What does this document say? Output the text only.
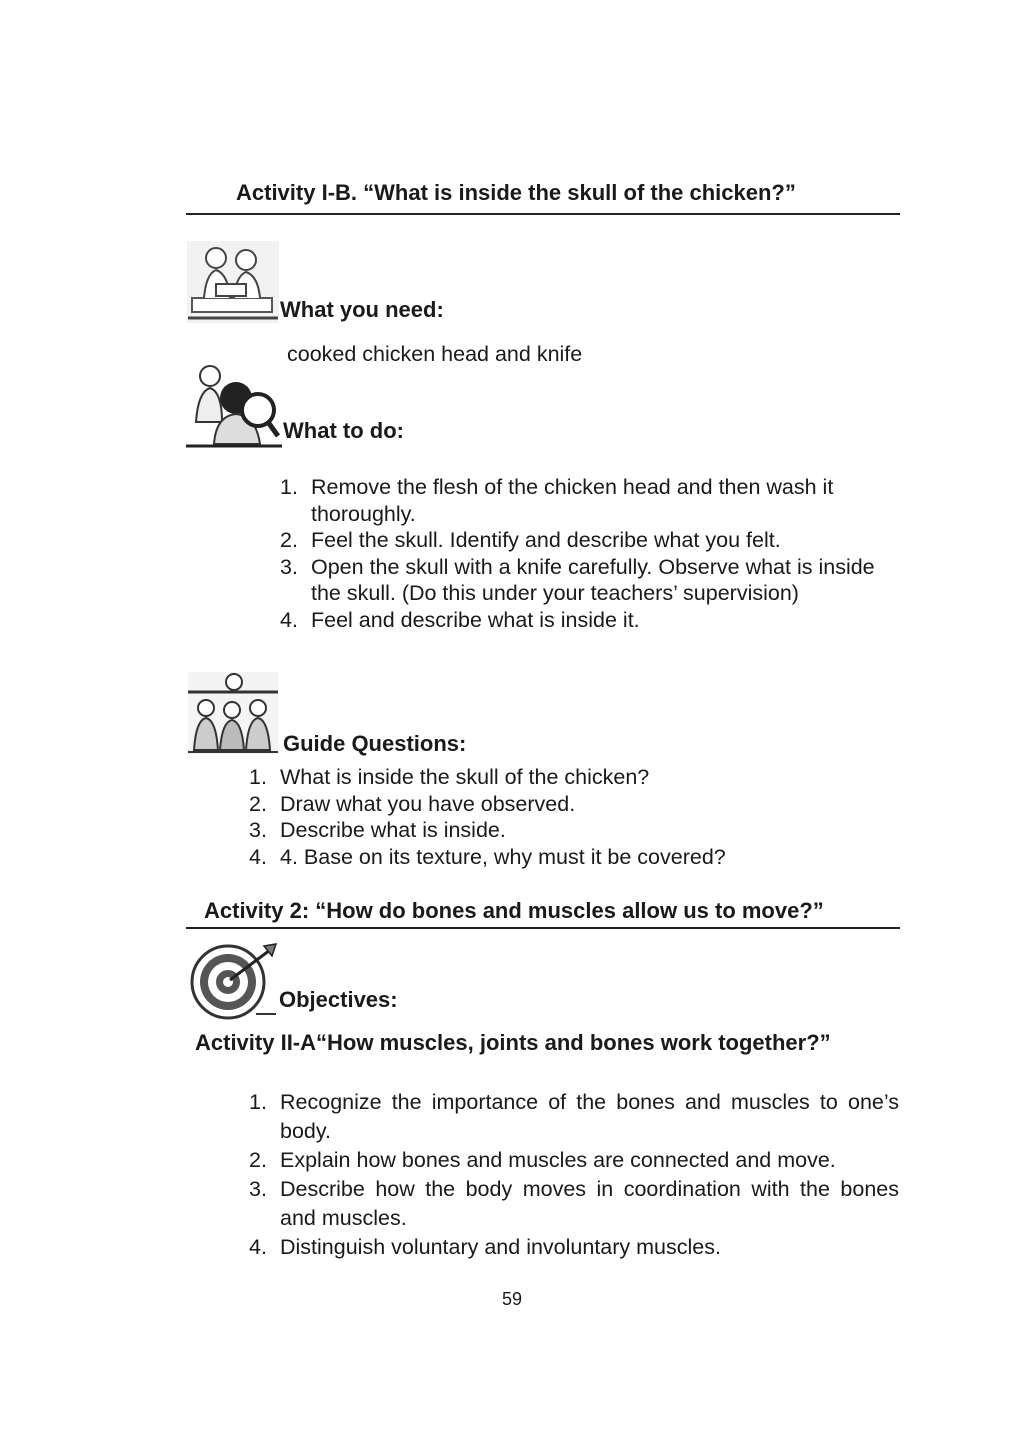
Activity I-B. “What is inside the skull of the chicken?”
What you need:
cooked chicken head and knife
What to do:
1. Remove the flesh of the chicken head and then wash it thoroughly.
2. Feel the skull. Identify and describe what you felt.
3. Open the skull with a knife carefully. Observe what is inside the skull. (Do this under your teachers’ supervision)
4. Feel and describe what is inside it.
Guide Questions:
1. What is inside the skull of the chicken?
2. Draw what you have observed.
3. Describe what is inside.
4. 4. Base on its texture, why must it be covered?
Activity 2: “How do bones and muscles allow us to move?”
Objectives:
Activity II-A“How muscles, joints and bones work together?”
1. Recognize the importance of the bones and muscles to one’s body.
2. Explain how bones and muscles are connected and move.
3. Describe how the body moves in coordination with the bones and muscles.
4. Distinguish voluntary and involuntary muscles.
59
